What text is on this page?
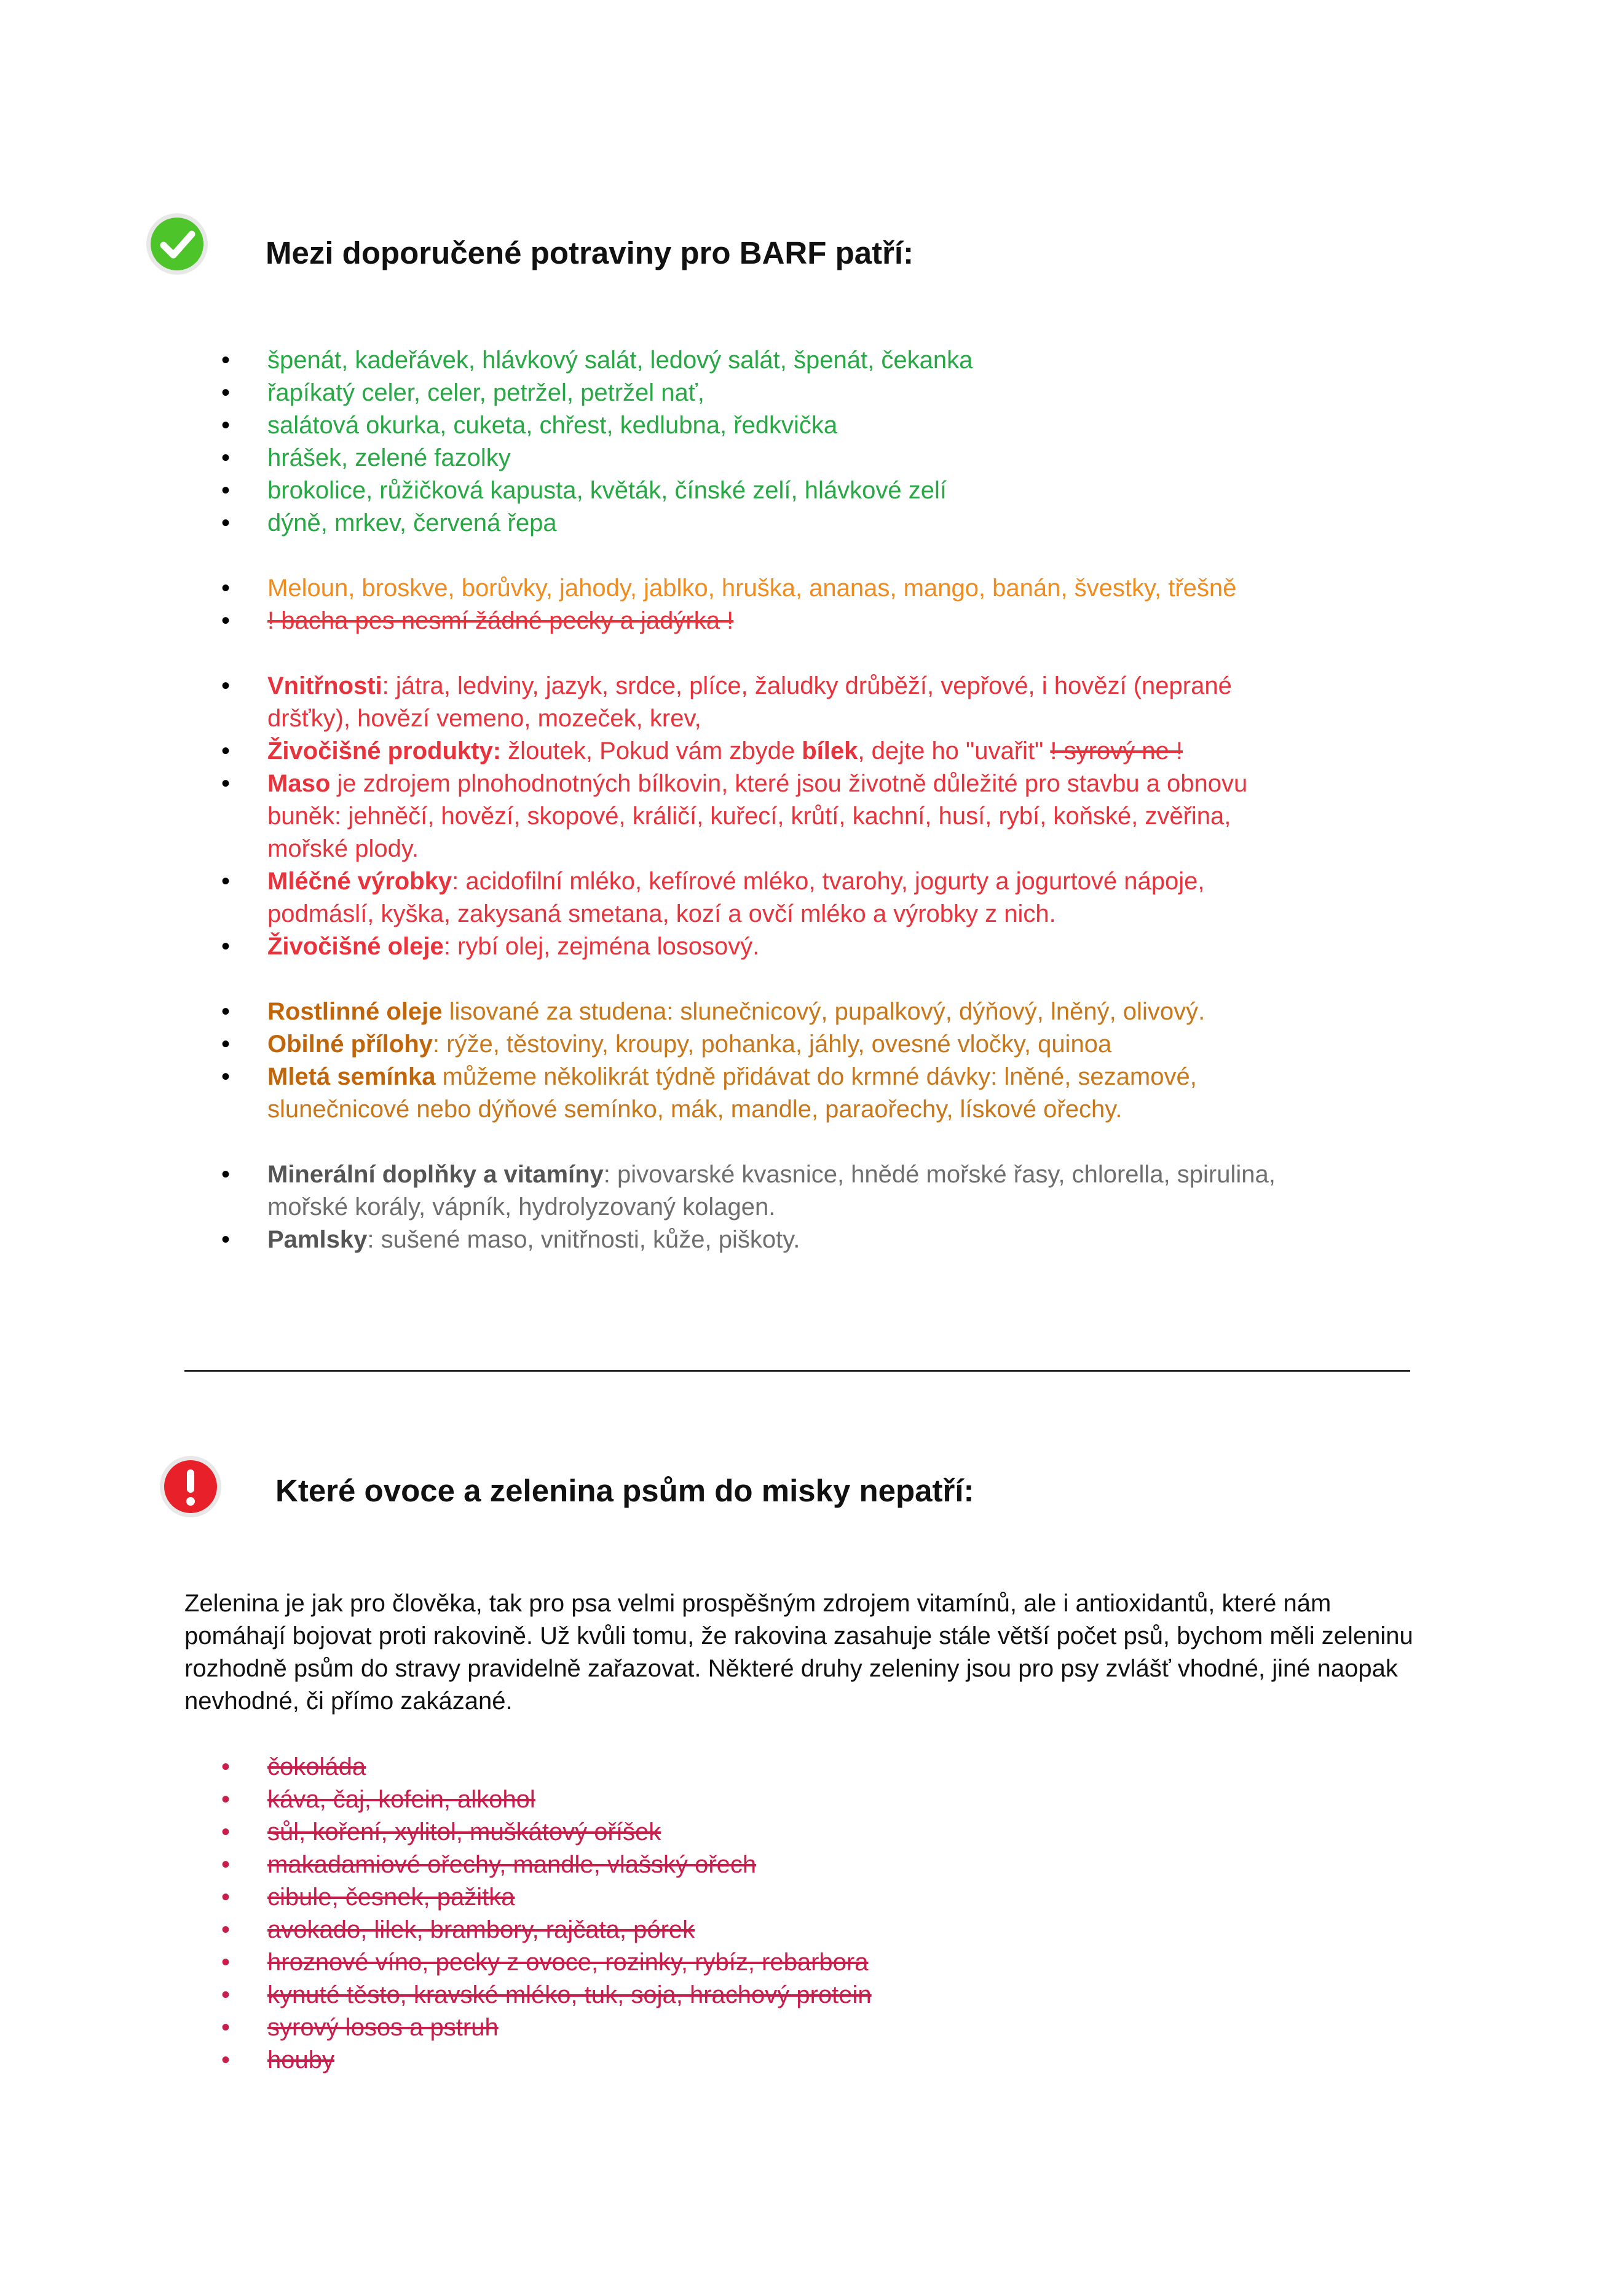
Mezi doporučené potraviny pro BARF patří:
• špenát, kadeřávek, hlávkový salát, ledový salát, špenát, čekanka
• řapíkatý celer, celer, petržel, petržel nať,
• salátová okurka, cuketa, chřest, kedlubna, ředkvička
• hrášek, zelené fazolky
• brokolice, růžičková kapusta, květák, čínské zelí, hlávkové zelí
• dýně, mrkev, červená řepa
• Meloun, broskve, borůvky, jahody, jablko, hruška, ananas, mango, banán, švestky, třešně
• ! bacha pes nesmí žádné pecky a jadýrka !
• Vnitřnosti: játra, ledviny, jazyk, srdce, plíce, žaludky drůběží, vepřové, i hovězí (neprané
dršťky), hovězí vemeno, mozeček, krev,
• Živočišné produkty: žloutek, Pokud vám zbyde bílek, dejte ho "uvařit" ! syrový ne !
• Maso je zdrojem plnohodnotných bílkovin, které jsou životně důležité pro stavbu a obnovu
buněk: jehněčí, hovězí, skopové, králičí, kuřecí, krůtí, kachní, husí, rybí, koňské, zvěřina,
mořské plody.
• Mléčné výrobky: acidofilní mléko, kefírové mléko, tvarohy, jogurty a jogurtové nápoje,
podmáslí, kyška, zakysaná smetana, kozí a ovčí mléko a výrobky z nich.
• Živočišné oleje: rybí olej, zejména lososový.
• Rostlinné oleje lisované za studena: slunečnicový, pupalkový, dýňový, lněný, olivový.
• Obilné přílohy: rýže, těstoviny, kroupy, pohanka, jáhly, ovesné vločky, quinoa
• Mletá semínka můžeme několikrát týdně přidávat do krmné dávky: lněné, sezamové,
slunečnicové nebo dýňové semínko, mák, mandle, paraořechy, lískové ořechy.
• Minerální doplňky a vitamíny: pivovarské kvasnice, hnědé mořské řasy, chlorella, spirulina,
mořské korály, vápník, hydrolyzovaný kolagen.
• Pamlsky: sušené maso, vnitřnosti, kůže, piškoty.
Které ovoce a zelenina psům do misky nepatří:

Zelenina je jak pro člověka, tak pro psa velmi prospěšným zdrojem vitamínů, ale i antioxidantů, které nám pomáhají bojovat proti rakovině. Už kvůli tomu, že rakovina zasahuje stále větší počet psů, bychom měli zeleninu rozhodně psům do stravy pravidelně zařazovat. Některé druhy zeleniny jsou pro psy zvlášť vhodné, jiné naopak nevhodné, či přímo zakázané.

• čokoláda
• káva, čaj, kofein, alkohol
• sůl, koření, xylitol, muškátový oříšek
• makadamiové ořechy, mandle, vlašský ořech
• cibule, česnek, pažitka
• avokado, lilek, brambory, rajčata, pórek
• hroznové víno, pecky z ovoce, rozinky, rybíz, rebarbora
• kynuté těsto, kravské mléko, tuk, soja, hrachový protein
• syrový losos a pstruh
• houby
